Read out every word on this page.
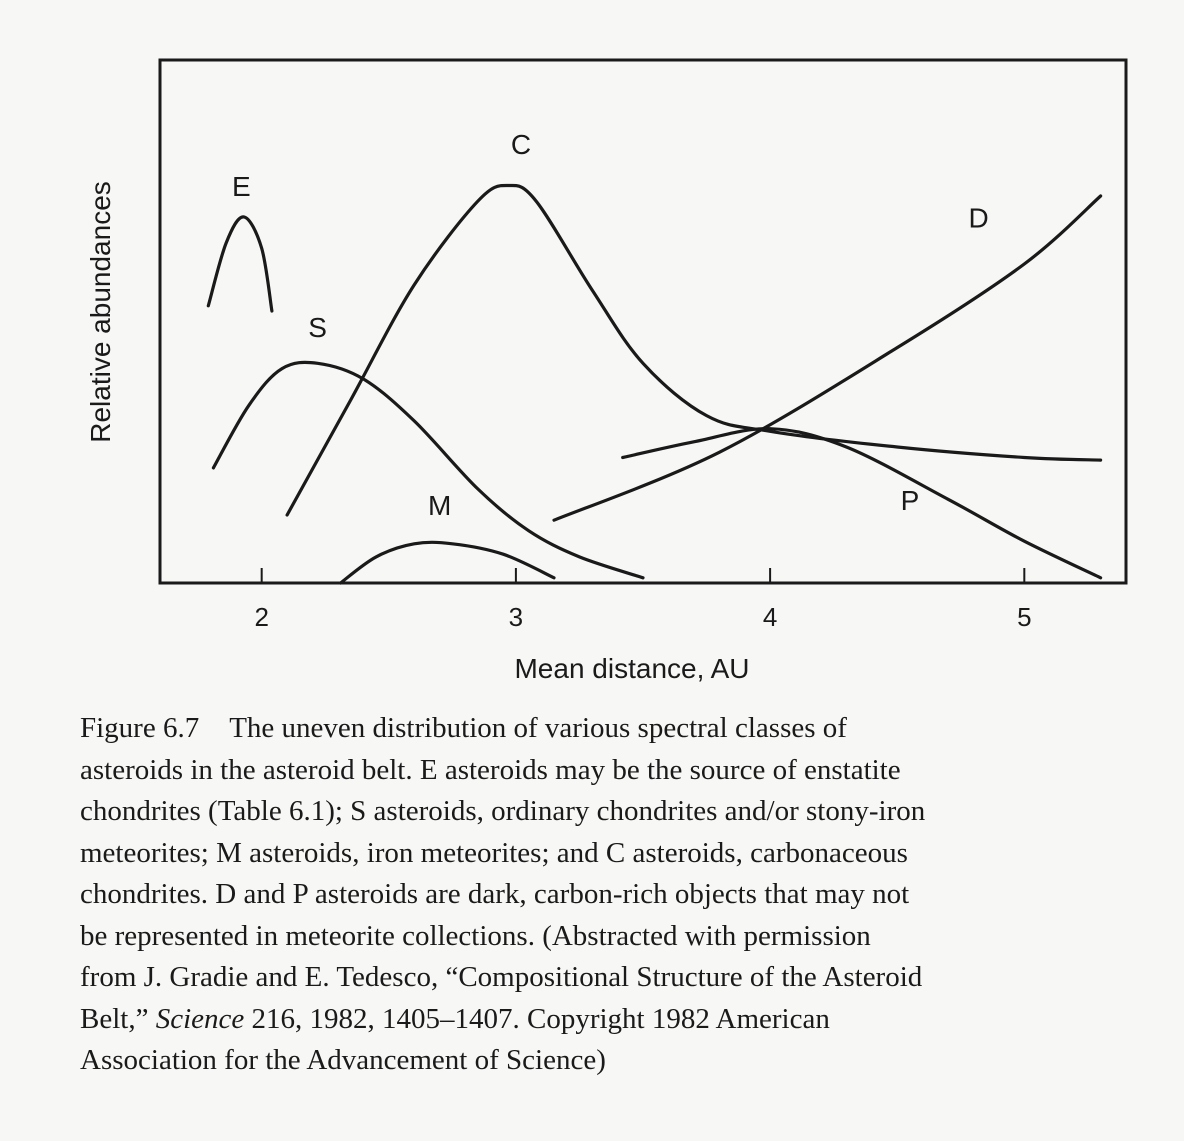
2	3	4	5
E
S
M
C
D
P
Mean distance, AU
Relative abundances

Figure 6.7 The uneven distribution of various spectral classes of
asteroids in the asteroid belt. E asteroids may be the source of enstatite
chondrites (Table 6.1); S asteroids, ordinary chondrites and/or stony-iron
meteorites; M asteroids, iron meteorites; and C asteroids, carbonaceous
chondrites. D and P asteroids are dark, carbon-rich objects that may not
be represented in meteorite collections. (Abstracted with permission
from J. Gradie and E. Tedesco, “Compositional Structure of the Asteroid
Belt,” Science 216, 1982, 1405–1407. Copyright 1982 American
Association for the Advancement of Science)
